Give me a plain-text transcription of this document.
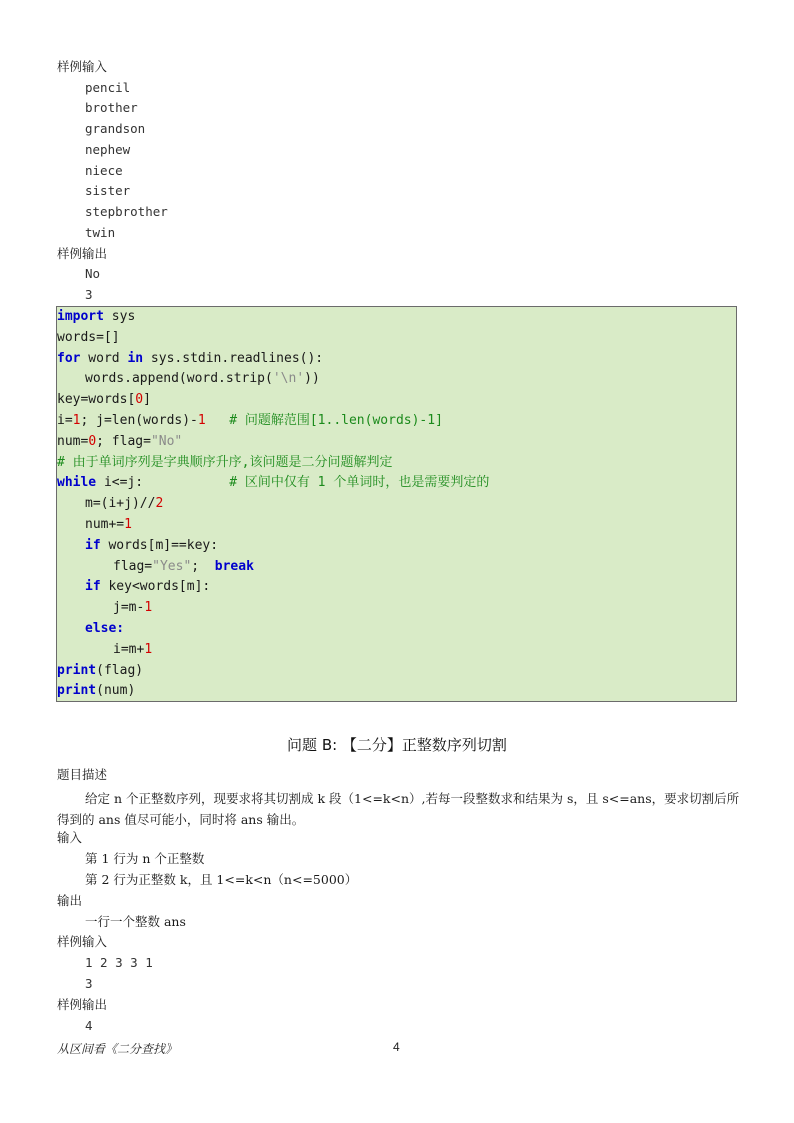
样例输入
pencil
brother
grandson
nephew
niece
sister
stepbrother
twin
样例输出
No
3
import sys
words=[]
for word in sys.stdin.readlines():
words.append(word.strip('\n'))
key=words[0]
i=1; j=len(words)-1   # 问题解范围[1..len(words)-1]
num=0; flag="No"
# 由于单词序列是字典顺序升序,该问题是二分问题解判定
while i<=j:           # 区间中仅有 1 个单词时，也是需要判定的
m=(i+j)//2
num+=1
if words[m]==key:
flag="Yes";  break
if key<words[m]:
j=m-1
else:
i=m+1
print(flag)
print(num)
问题 B: 【二分】正整数序列切割
题目描述
给定 n 个正整数序列，现要求将其切割成 k 段（1<=k<n）,若每一段整数求和结果为 s，且 s<=ans，要求切割后所得到的 ans 值尽可能小，同时将 ans 输出。
输入
第 1 行为 n 个正整数
第 2 行为正整数 k，且 1<=k<n（n<=5000）
输出
一行一个整数 ans
样例输入
1 2 3 3 1
3
样例输出
4
从区间看《二分查找》	4
